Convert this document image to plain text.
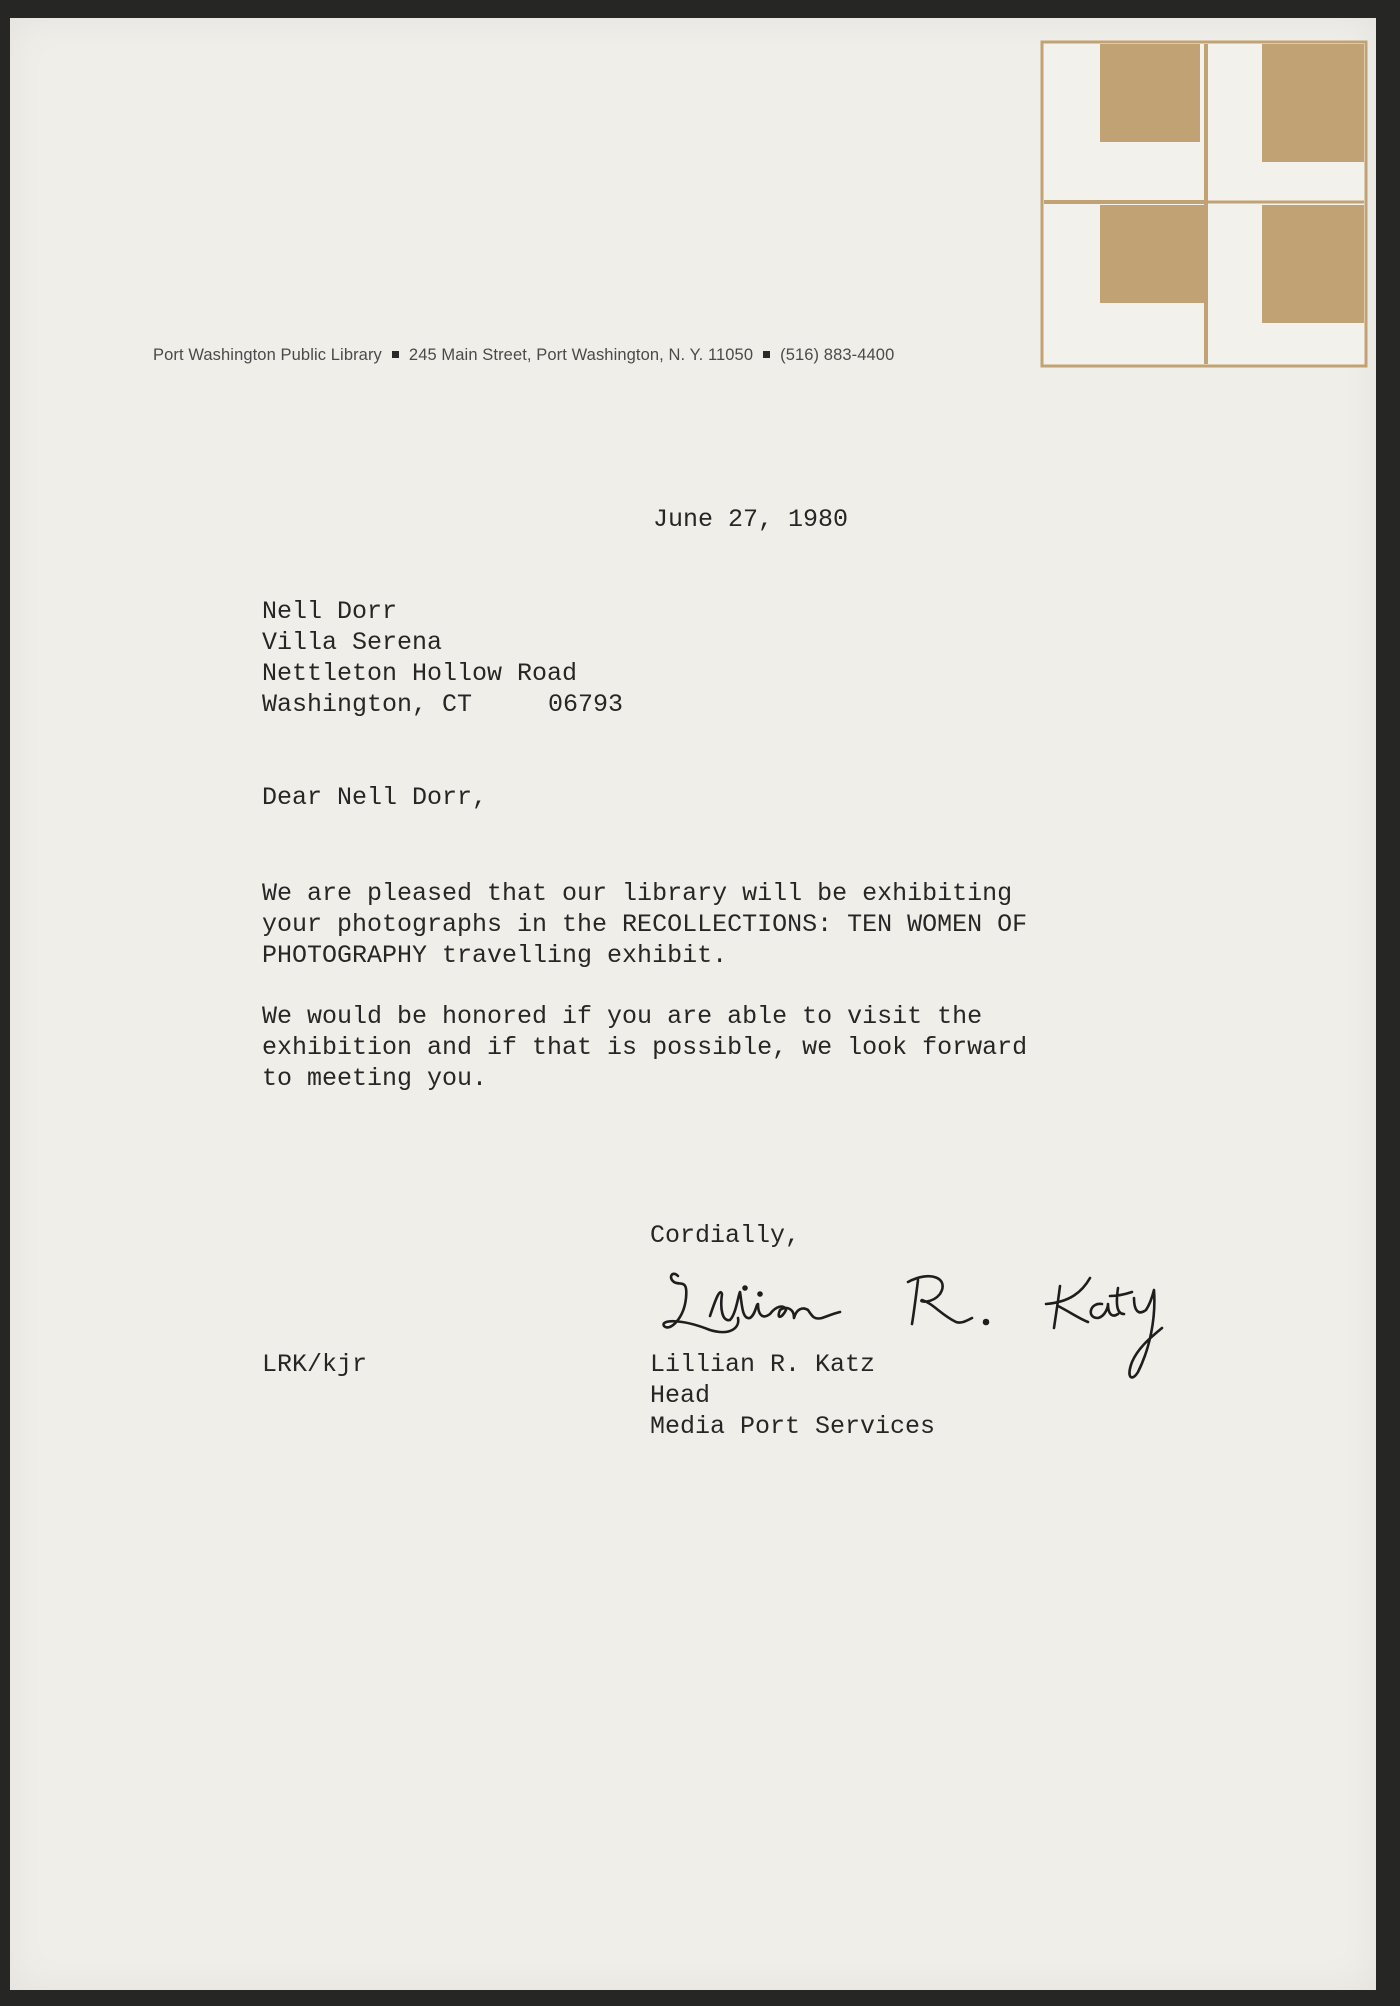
Port Washington Public Library 245 Main Street, Port Washington, N. Y. 11050 (516) 883-4400
June 27, 1980
Nell Dorr
Villa Serena
Nettleton Hollow Road
Washington, CT	06793
Dear Nell Dorr,
We are pleased that our library will be exhibiting
your photographs in the RECOLLECTIONS: TEN WOMEN OF
PHOTOGRAPHY travelling exhibit.
We would be honored if you are able to visit the
exhibition and if that is possible, we look forward
to meeting you.
Cordially,
LRK/kjr	Lillian R. Katz
Head
Media Port Services
